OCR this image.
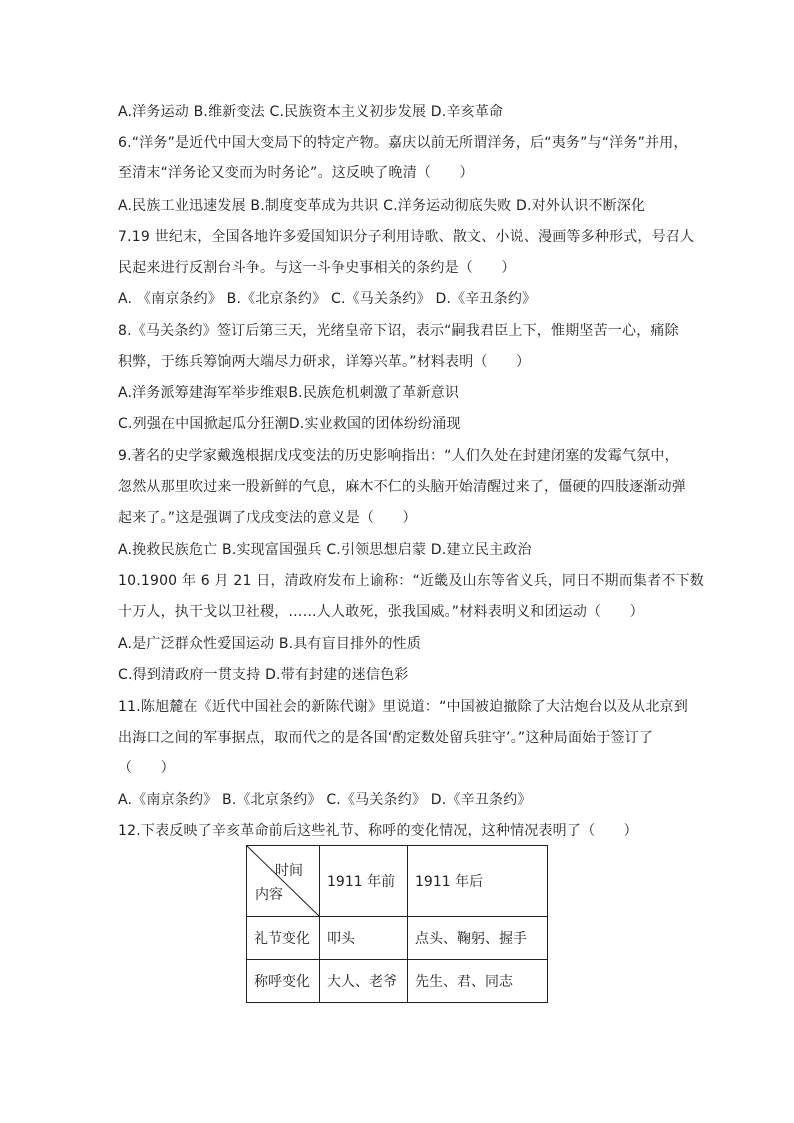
A.洋务运动 B.维新变法 C.民族资本主义初步发展 D.辛亥革命
6.“洋务”是近代中国大变局下的特定产物。嘉庆以前无所谓洋务，后“夷务”与“洋务”并用，
至清末“洋务论又变而为时务论”。这反映了晚清（　　）
A.民族工业迅速发展 B.制度变革成为共识 C.洋务运动彻底失败 D.对外认识不断深化
7.19 世纪末，全国各地许多爱国知识分子利用诗歌、散文、小说、漫画等多种形式，号召人
民起来进行反割台斗争。与这一斗争史事相关的条约是（　　）
A. 《南京条约》 B.《北京条约》 C.《马关条约》 D.《辛丑条约》
8.《马关条约》签订后第三天，光绪皇帝下诏，表示“嗣我君臣上下，惟期坚苦一心，痛除
积弊，于练兵筹饷两大端尽力研求，详筹兴革。”材料表明（　　）
A.洋务派筹建海军举步维艰B.民族危机刺激了革新意识
C.列强在中国掀起瓜分狂潮D.实业救国的团体纷纷涌现
9.著名的史学家戴逸根据戊戌变法的历史影响指出：“人们久处在封建闭塞的发霉气氛中，
忽然从那里吹过来一股新鲜的气息，麻木不仁的头脑开始清醒过来了，僵硬的四肢逐渐动弹
起来了。”这是强调了戊戌变法的意义是（　　）
A.挽救民族危亡 B.实现富国强兵 C.引领思想启蒙 D.建立民主政治
10.1900 年 6 月 21 日，清政府发布上谕称：“近畿及山东等省义兵，同日不期而集者不下数
十万人，执干戈以卫社稷，……人人敢死，张我国威。”材料表明义和团运动（　　）
A.是广泛群众性爱国运动 B.具有盲目排外的性质
C.得到清政府一贯支持 D.带有封建的迷信色彩
11.陈旭麓在《近代中国社会的新陈代谢》里说道：“中国被迫撤除了大沽炮台以及从北京到
出海口之间的军事据点，取而代之的是各国‘酌定数处留兵驻守’。”这种局面始于签订了
（　　）
A.《南京条约》 B.《北京条约》 C.《马关条约》 D.《辛丑条约》
12.下表反映了辛亥革命前后这些礼节、称呼的变化情况，这种情况表明了（　　）
时间
内容	1911 年前	1911 年后
礼节变化	叩头	点头、鞠躬、握手
称呼变化	大人、老爷	先生、君、同志
